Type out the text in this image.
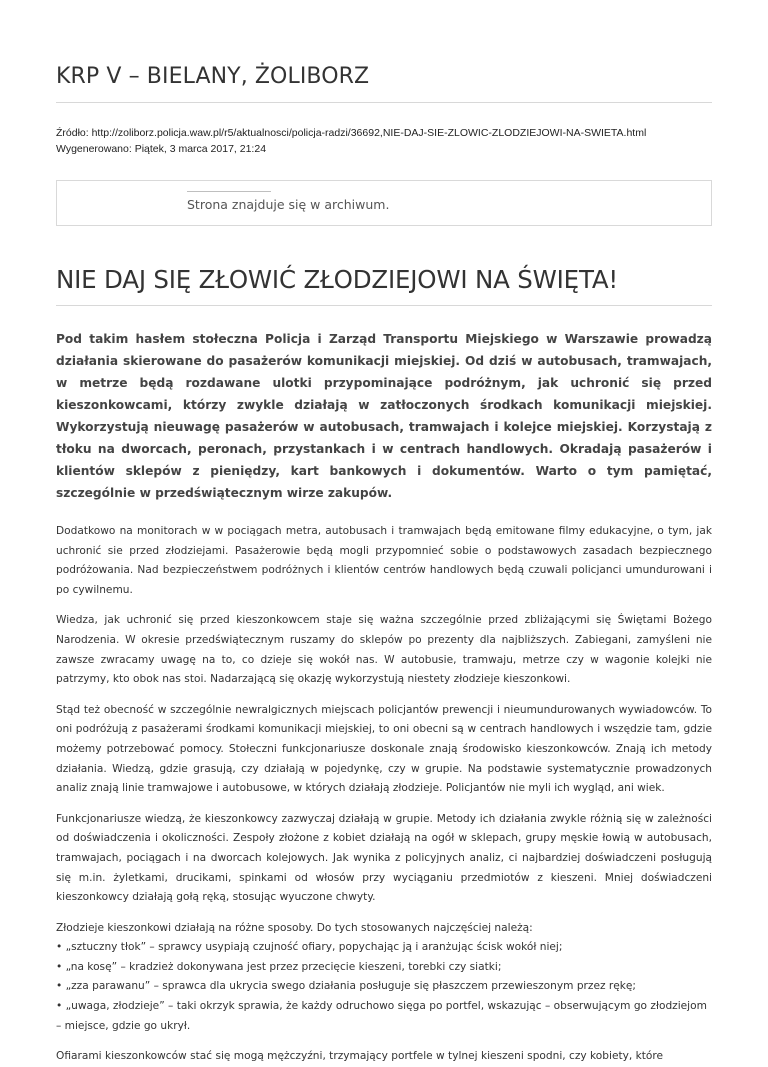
KRP V – BIELANY, ŻOLIBORZ
Źródło: http://zoliborz.policja.waw.pl/r5/aktualnosci/policja-radzi/36692,NIE-DAJ-SIE-ZLOWIC-ZLODZIEJOWI-NA-SWIETA.html
Wygenerowano: Piątek, 3 marca 2017, 21:24
Strona znajduje się w archiwum.
NIE DAJ SIĘ ZŁOWIĆ ZŁODZIEJOWI NA ŚWIĘTA!

Pod takim hasłem stołeczna Policja i Zarząd Transportu Miejskiego w Warszawie prowadzą działania skierowane do pasażerów komunikacji miejskiej. Od dziś w autobusach, tramwajach, w metrze będą rozdawane ulotki przypominające podróżnym, jak uchronić się przed kieszonkowcami, którzy zwykle działają w zatłoczonych środkach komunikacji miejskiej. Wykorzystują nieuwagę pasażerów w autobusach, tramwajach i kolejce miejskiej. Korzystają z tłoku na dworcach, peronach, przystankach i w centrach handlowych. Okradają pasażerów i klientów sklepów z pieniędzy, kart bankowych i dokumentów. Warto o tym pamiętać, szczególnie w przedświątecznym wirze zakupów.

Dodatkowo na monitorach w w pociągach metra, autobusach i tramwajach będą emitowane filmy edukacyjne, o tym, jak uchronić sie przed złodziejami. Pasażerowie będą mogli przypomnieć sobie o podstawowych zasadach bezpiecznego podróżowania. Nad bezpieczeństwem podróżnych i klientów centrów handlowych będą czuwali policjanci umundurowani i po cywilnemu.

Wiedza, jak uchronić się przed kieszonkowcem staje się ważna szczególnie przed zbliżającymi się Świętami Bożego Narodzenia. W okresie przedświątecznym ruszamy do sklepów po prezenty dla najbliższych. Zabiegani, zamyśleni nie zawsze zwracamy uwagę na to, co dzieje się wokół nas. W autobusie, tramwaju, metrze czy w wagonie kolejki nie patrzymy, kto obok nas stoi. Nadarzającą się okazję wykorzystują niestety złodzieje kieszonkowi.

Stąd też obecność w szczególnie newralgicznych miejscach policjantów prewencji i nieumundurowanych wywiadowców. To oni podróżują z pasażerami środkami komunikacji miejskiej, to oni obecni są w centrach handlowych i wszędzie tam, gdzie możemy potrzebować pomocy. Stołeczni funkcjonariusze doskonale znają środowisko kieszonkowców. Znają ich metody działania. Wiedzą, gdzie grasują, czy działają w pojedynkę, czy w grupie. Na podstawie systematycznie prowadzonych analiz znają linie tramwajowe i autobusowe, w których działają złodzieje. Policjantów nie myli ich wygląd, ani wiek.

Funkcjonariusze wiedzą, że kieszonkowcy zazwyczaj działają w grupie. Metody ich działania zwykle różnią się w zależności od doświadczenia i okoliczności. Zespoły złożone z kobiet działają na ogół w sklepach, grupy męskie łowią w autobusach, tramwajach, pociągach i na dworcach kolejowych. Jak wynika z policyjnych analiz, ci najbardziej doświadczeni posługują się m.in. żyletkami, drucikami, spinkami od włosów przy wyciąganiu przedmiotów z kieszeni. Mniej doświadczeni kieszonkowcy działają gołą ręką, stosując wyuczone chwyty.

Złodzieje kieszonkowi działają na różne sposoby. Do tych stosowanych najczęściej należą:

• „sztuczny tłok” – sprawcy usypiają czujność ofiary, popychając ją i aranżując ścisk wokół niej;
• „na kosę” – kradzież dokonywana jest przez przecięcie kieszeni, torebki czy siatki;
• „zza parawanu” – sprawca dla ukrycia swego działania posługuje się płaszczem przewieszonym przez rękę;
• „uwaga, złodzieje” – taki okrzyk sprawia, że każdy odruchowo sięga po portfel, wskazując – obserwującym go złodziejom – miejsce, gdzie go ukrył.

Ofiarami kieszonkowców stać się mogą mężczyźni, trzymający portfele w tylnej kieszeni spodni, czy kobiety, które
